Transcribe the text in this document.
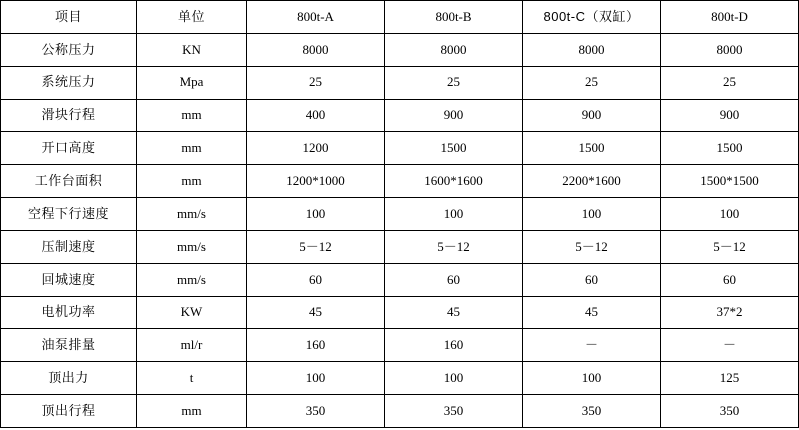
项目	单位	800t-A	800t-B	800t-C（双缸）	800t-D
公称压力	KN	8000	8000	8000	8000
系统压力	Mpa	25	25	25	25
滑块行程	mm	400	900	900	900
开口高度	mm	1200	1500	1500	1500
工作台面积	mm	1200*1000	1600*1600	2200*1600	1500*1500
空程下行速度	mm/s	100	100	100	100
压制速度	mm/s	5－12	5－12	5－12	5－12
回城速度	mm/s	60	60	60	60
电机功率	KW	45	45	45	37*2
油泵排量	ml/r	160	160	－	－
顶出力	t	100	100	100	125
顶出行程	mm	350	350	350	350
